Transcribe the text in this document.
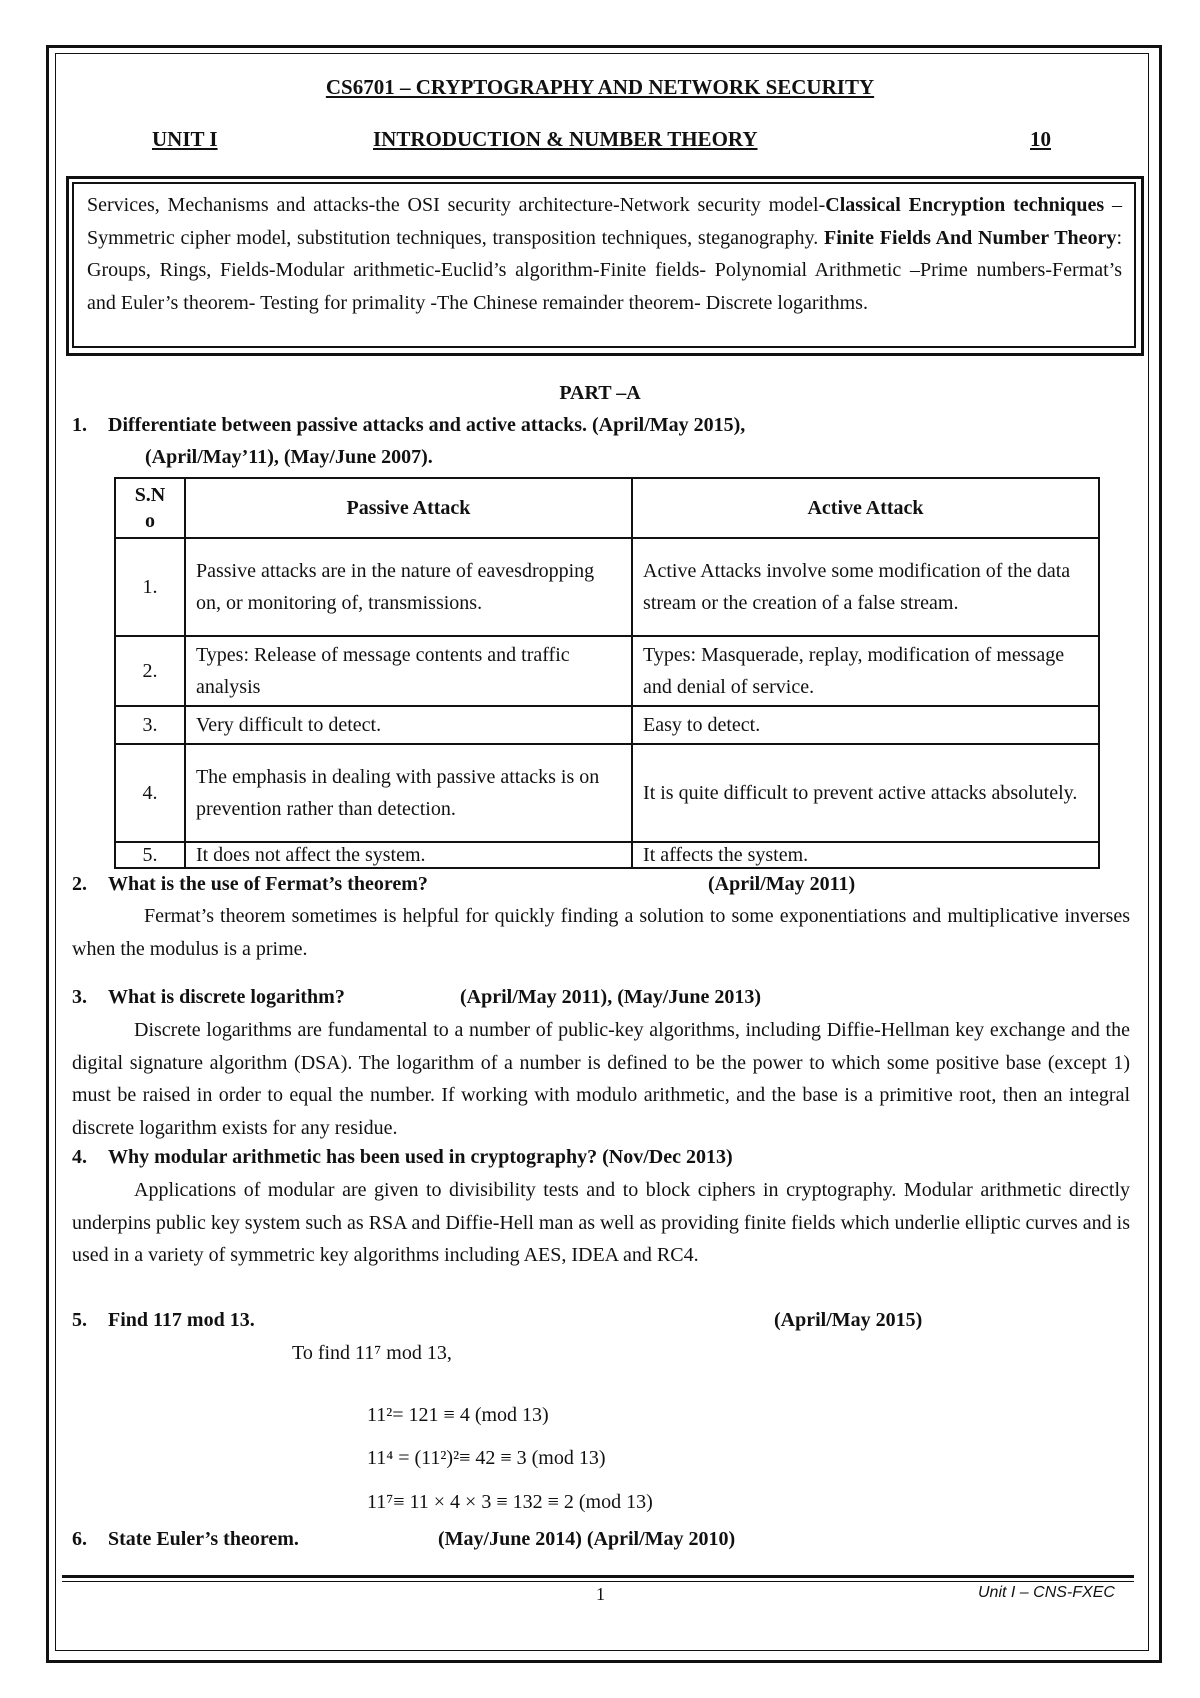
CS6701 – CRYPTOGRAPHY AND NETWORK SECURITY
UNIT I	INTRODUCTION & NUMBER THEORY	10
Services, Mechanisms and attacks-the OSI security architecture-Network security model-Classical Encryption techniques – Symmetric cipher model, substitution techniques, transposition techniques, steganography. Finite Fields And Number Theory: Groups, Rings, Fields-Modular arithmetic-Euclid’s algorithm-Finite fields- Polynomial Arithmetic –Prime numbers-Fermat’s and Euler’s theorem- Testing for primality -The Chinese remainder theorem- Discrete logarithms.
PART –A
1. Differentiate between passive attacks and active attacks. (April/May 2015),
(April/May’11), (May/June 2007).
S.N o	Passive Attack	Active Attack
1.	Passive attacks are in the nature of eavesdropping on, or monitoring of, transmissions.	Active Attacks involve some modification of the data stream or the creation of a false stream.
2.	Types: Release of message contents and traffic analysis	Types: Masquerade, replay, modification of message and denial of service.
3.	Very difficult to detect.	Easy to detect.
4.	The emphasis in dealing with passive attacks is on prevention rather than detection.	It is quite difficult to prevent active attacks absolutely.
5.	It does not affect the system.	It affects the system.
2. What is the use of Fermat’s theorem?	(April/May 2011)
Fermat’s theorem sometimes is helpful for quickly finding a solution to some exponentiations and multiplicative inverses when the modulus is a prime.
3. What is discrete logarithm?	(April/May 2011), (May/June 2013)
Discrete logarithms are fundamental to a number of public-key algorithms, including Diffie-Hellman key exchange and the digital signature algorithm (DSA). The logarithm of a number is defined to be the power to which some positive base (except 1) must be raised in order to equal the number. If working with modulo arithmetic, and the base is a primitive root, then an integral discrete logarithm exists for any residue.
4. Why modular arithmetic has been used in cryptography? (Nov/Dec 2013)
Applications of modular are given to divisibility tests and to block ciphers in cryptography. Modular arithmetic directly underpins public key system such as RSA and Diffie-Hell man as well as providing finite fields which underlie elliptic curves and is used in a variety of symmetric key algorithms including AES, IDEA and RC4.
5. Find 117 mod 13.	(April/May 2015)
To find 11⁷ mod 13,
11²= 121 ≡ 4 (mod 13)
11⁴ = (11²)²≡ 42 ≡ 3 (mod 13)
11⁷≡ 11 × 4 × 3 ≡ 132 ≡ 2 (mod 13)
6. State Euler’s theorem.	(May/June 2014) (April/May 2010)
1	Unit I – CNS-FXEC
